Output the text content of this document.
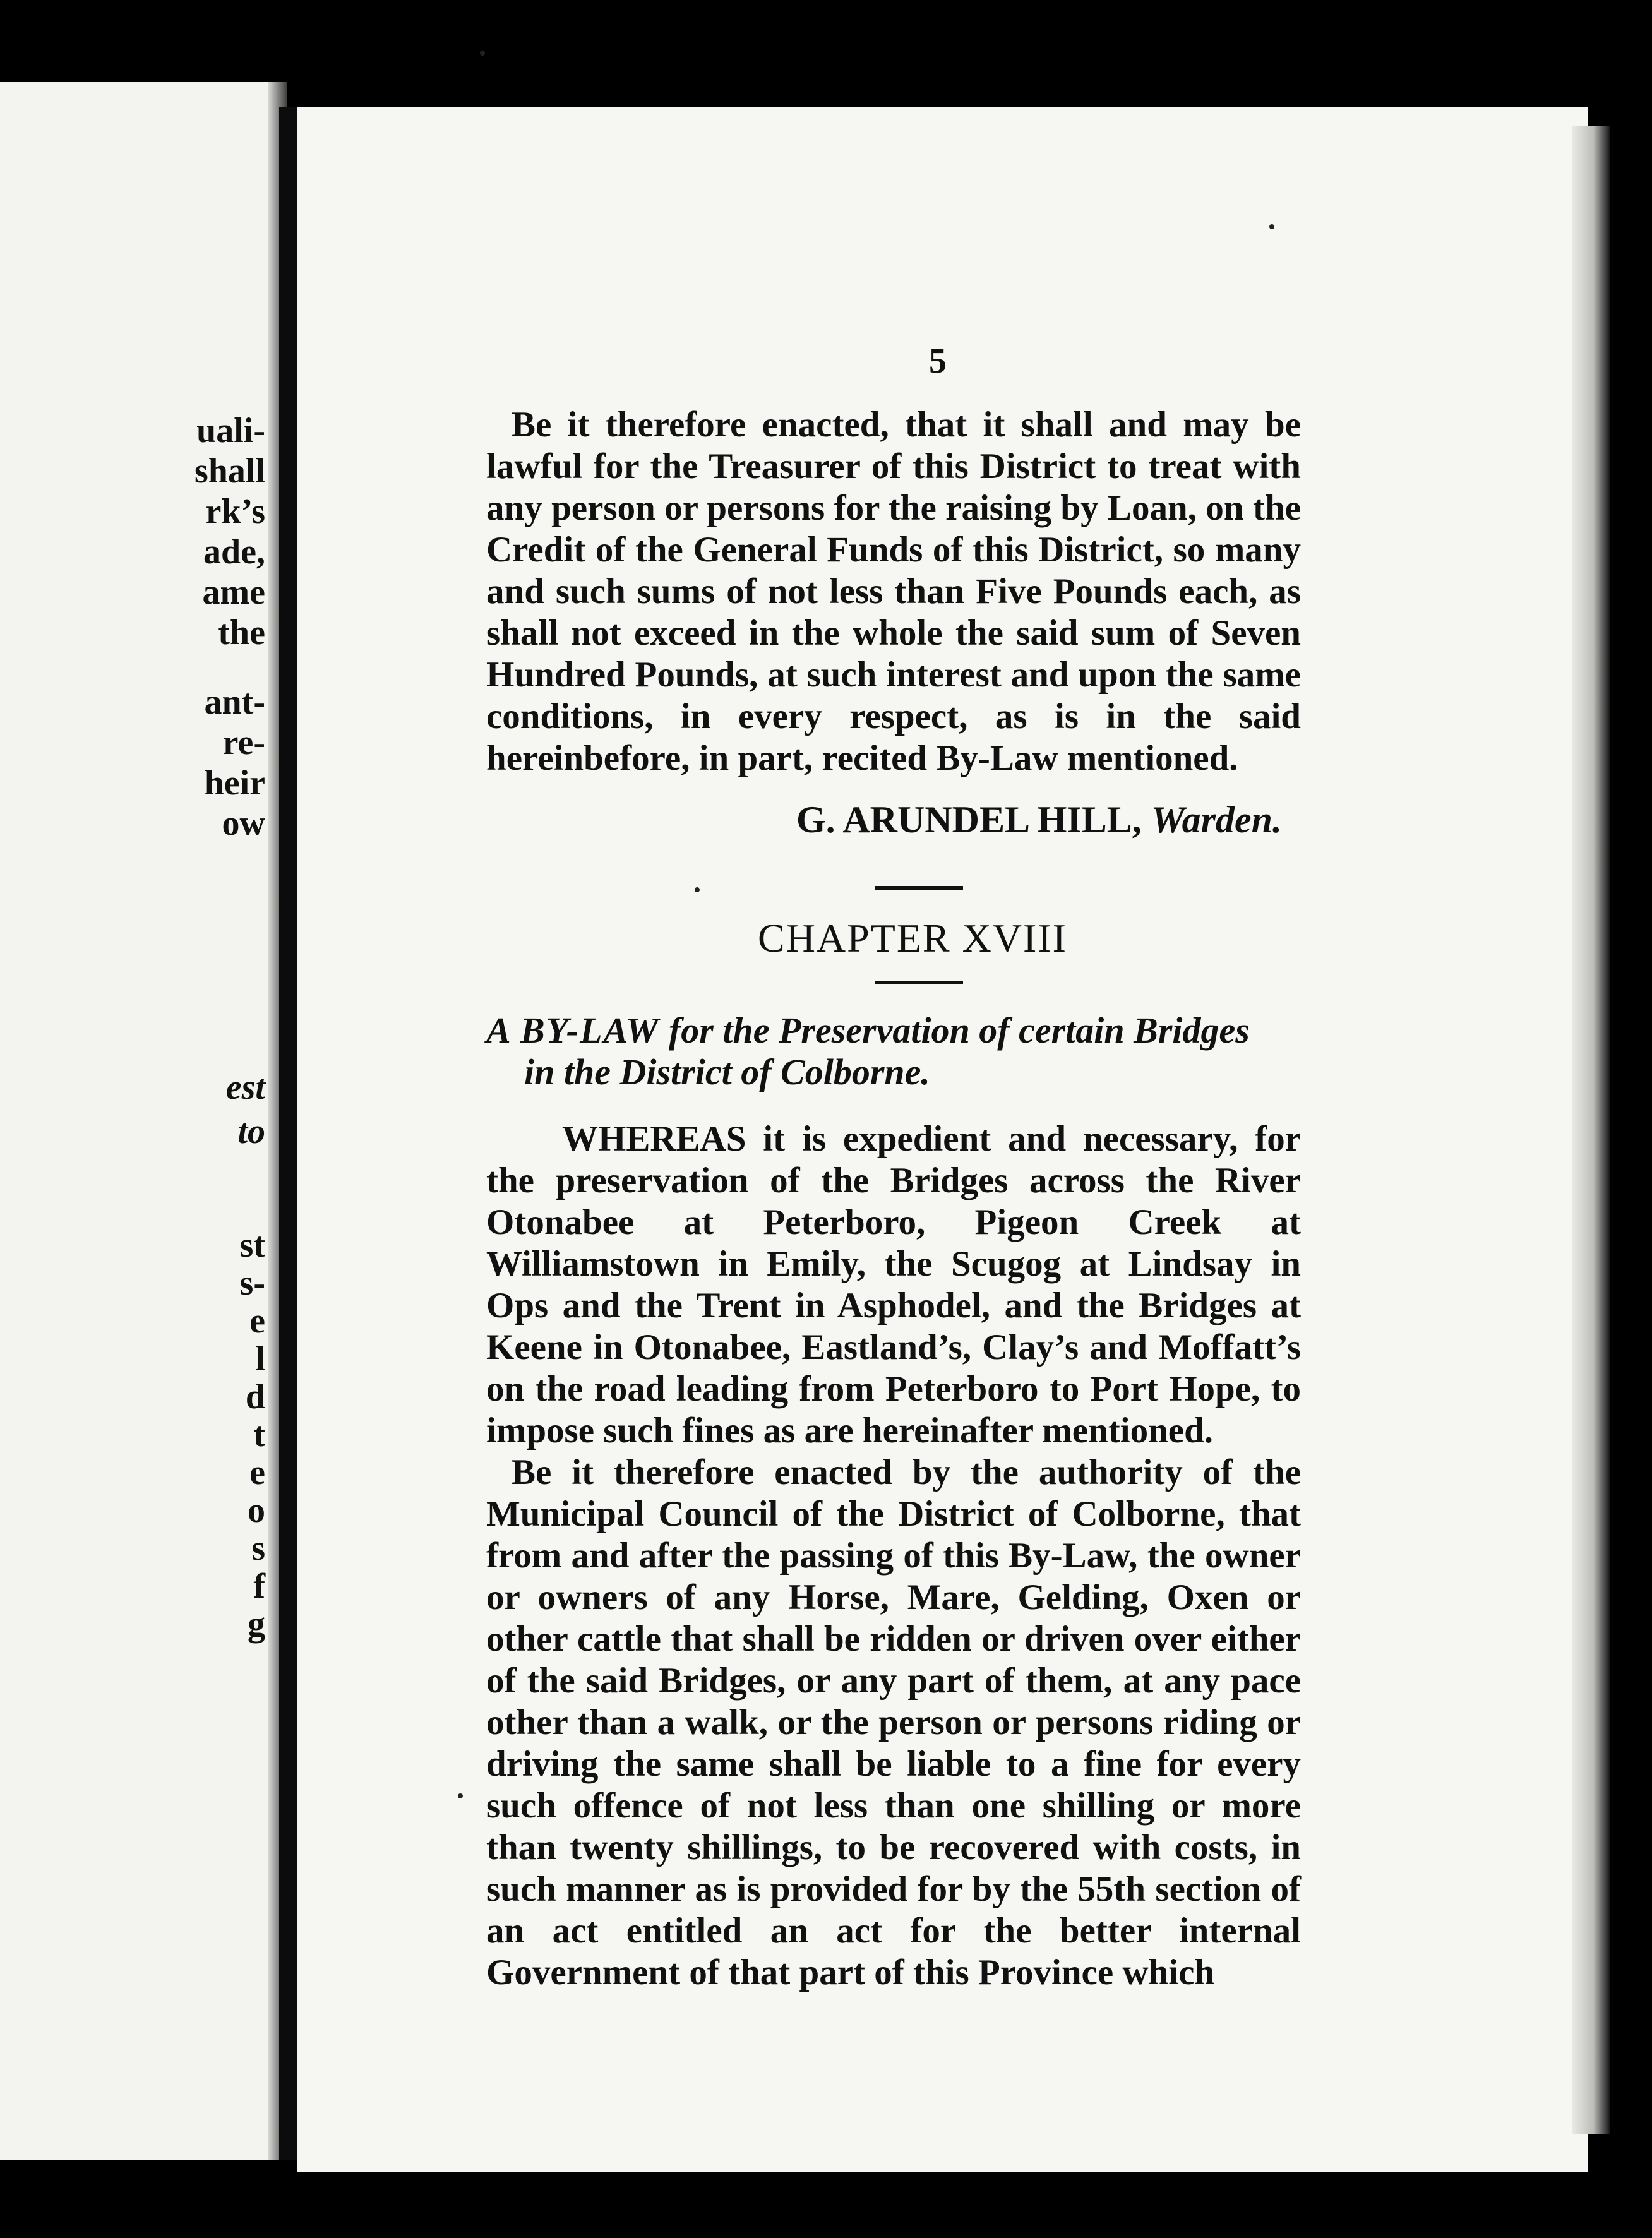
uali-
shall
rk’s
ade,
ame
the
ant-
re-
heir
ow
est
to
st
s-
e
l
d
t
e
o
s
f
g
5

Be it therefore enacted, that it shall and may be lawful for the Treasurer of this District to treat with any person or persons for the raising by Loan, on the Credit of the General Funds of this District, so many and such sums of not less than Five Pounds each, as shall not exceed in the whole the said sum of Seven Hundred Pounds, at such interest and upon the same conditions, in every respect, as is in the said hereinbefore, in part, recited By-Law mentioned.

G. ARUNDEL HILL, Warden.
CHAPTER XVIII
A BY-LAW for the Preservation of certain Bridges
in the District of Colborne.

WHEREAS it is expedient and necessary, for the preservation of the Bridges across the River Otonabee at Peterboro, Pigeon Creek at Williamstown in Emily, the Scugog at Lindsay in Ops and the Trent in Asphodel, and the Bridges at Keene in Otonabee, Eastland’s, Clay’s and Moffatt’s on the road leading from Peterboro to Port Hope, to impose such fines as are hereinafter mentioned.

Be it therefore enacted by the authority of the Municipal Council of the District of Colborne, that from and after the passing of this By-Law, the owner or owners of any Horse, Mare, Gelding, Oxen or other cattle that shall be ridden or driven over either of the said Bridges, or any part of them, at any pace other than a walk, or the person or persons riding or driving the same shall be liable to a fine for every such offence of not less than one shilling or more than twenty shillings, to be recovered with costs, in such manner as is provided for by the 55th section of an act entitled an act for the better internal Government of that part of this Province which
